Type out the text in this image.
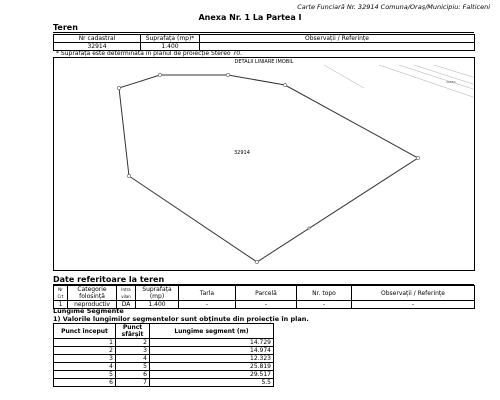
Carte Funciară Nr. 32914 Comuna/Oraș/Municipiu: Falticeni
Anexa Nr. 1 La Partea I
Teren
Nr cadastral	Suprafața (mp)*	Observații / Referințe
32914	1.400	
* Suprafața este determinată în planul de proiecție Stereo 70.
DETALII LINIARE IMOBIL
32914
40650
Date referitoare la teren
Nr Crt	Categorie folosință	Intra vilan	Suprafața (mp)	Tarla	Parcelă	Nr. topo	Observații / Referințe
1	neproductiv	DA	1.400	-	-	-	-
Lungime Segmente
1) Valorile lungimilor segmentelor sunt obținute din proiecție în plan.
Punct început	Punct sfârșit	Lungime segment (m)
1	2	14.729
2	3	14.974
3	4	12.323
4	5	25.819
5	6	29.517
6	7	5.5
